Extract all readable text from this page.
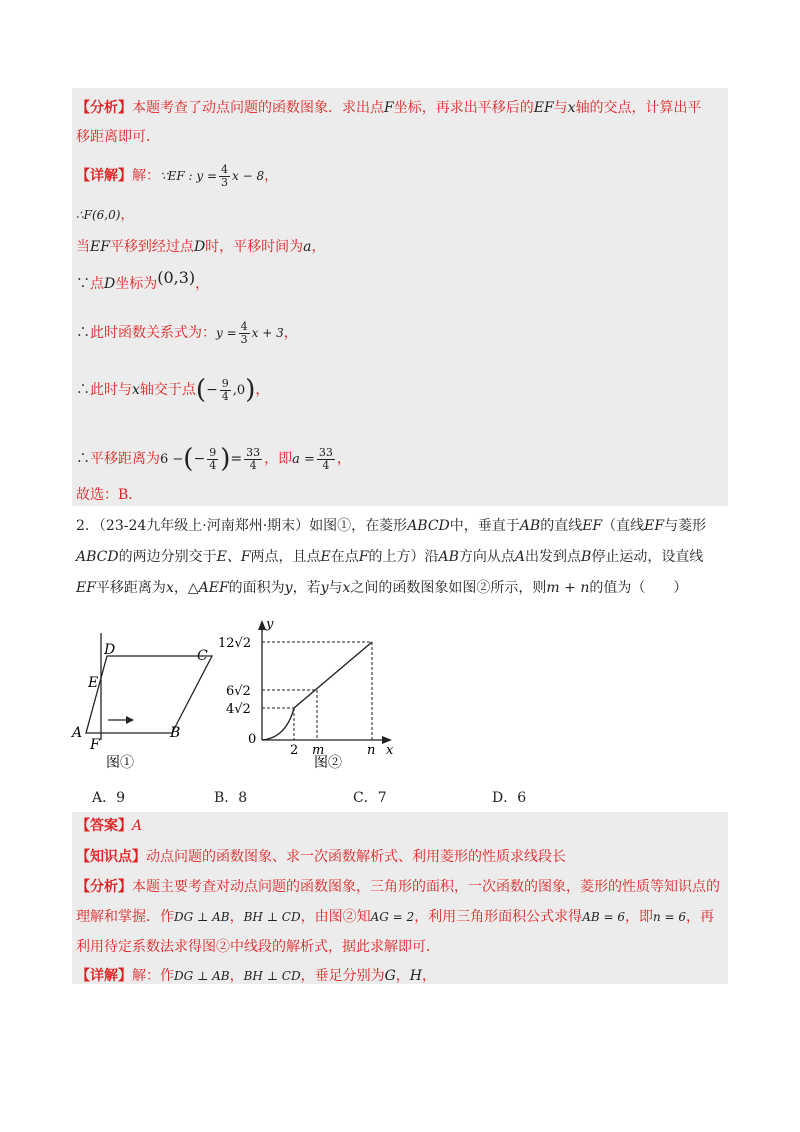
【分析】本题考查了动点问题的函数图象．求出点F坐标，再求出平移后的EF与x轴的交点，计算出平
移距离即可．
【详解】解：∵EF : $y = \frac{4}{3}$ x − 8，
∴F(6,0)，
当EF平移到经过点D时，平移时间为a，
∵点D坐标为(0,3)，
∴此时函数关系式为：$y = \frac{4}{3}$ x + 3，
∴此时与x轴交于点(− $\frac{9}{4} ,0$)，
∴平移距离为6 −(− $\frac{9}{4}$ )= $\frac{33}{4}$ ，即$a = \frac{33}{4}$ ，
故选：B．
2．（23-24九年级上·河南郑州·期末）如图①，在菱形ABCD中，垂直于AB的直线EF（直线EF与菱形
ABCD的两边分别交于E、F两点，且点E在点F的上方）沿AB方向从点A出发到点B停止运动，设直线
EF平移距离为x，△AEF的面积为y，若y与x之间的函数图象如图②所示，则m + n的值为（　　）
D	C
E
A	B
F
图①
y
x
0
12√2
6√2
4√2
2 m	n
图②
A．9	B．8	C．7	D．6
【答案】A
【知识点】动点问题的函数图象、求一次函数解析式、利用菱形的性质求线段长
【分析】本题主要考查对动点问题的函数图象，三角形的面积，一次函数的图象，菱形的性质等知识点的
理解和掌握．作DG ⊥ AB，BH ⊥ CD，由图②知AG = 2，利用三角形面积公式求得AB = 6，即n = 6，再
利用待定系数法求得图②中线段的解析式，据此求解即可．
【详解】解：作DG ⊥ AB，BH ⊥ CD，垂足分别为G，H，
